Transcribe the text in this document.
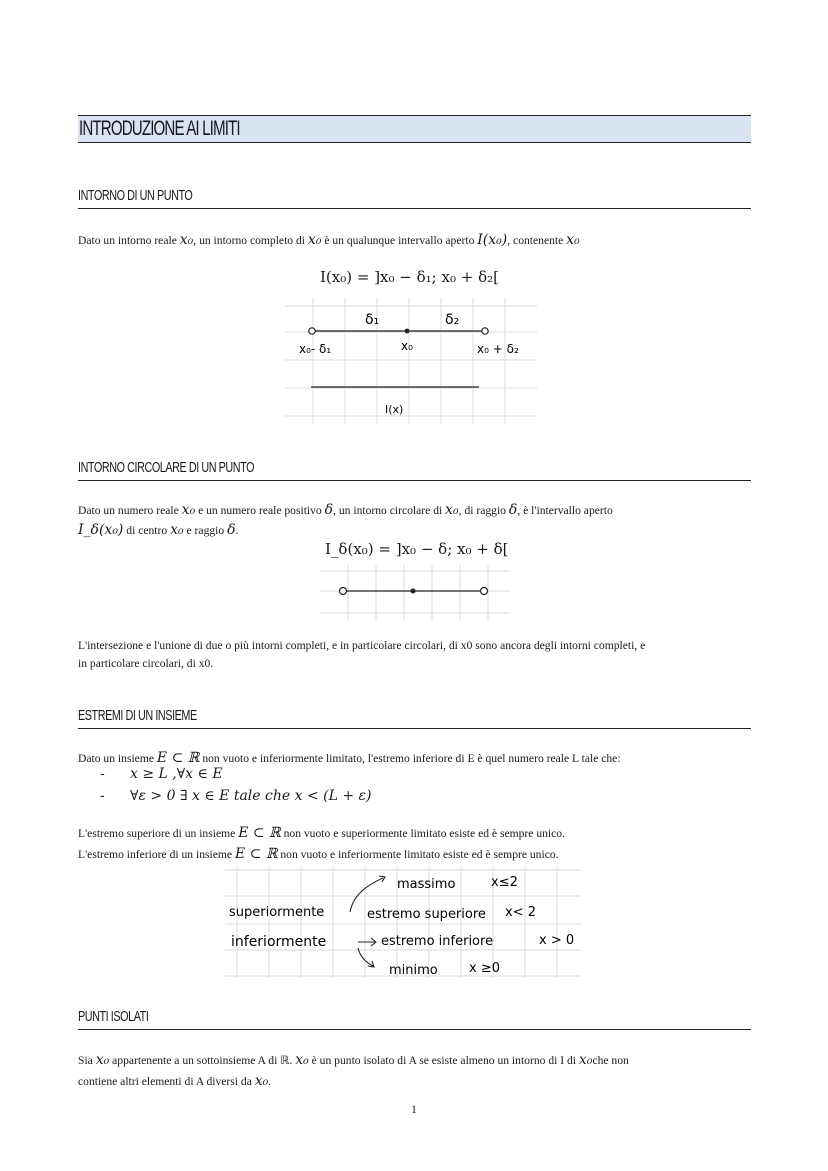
INTRODUZIONE AI LIMITI
INTORNO DI UN PUNTO
Dato un intorno reale x₀, un intorno completo di x₀ è un qualunque intervallo aperto I(x₀), contenente x₀
I(x₀) = ]x₀ − δ₁; x₀ + δ₂[
δ₁	δ₂
x₀- δ₁	x₀	x₀ + δ₂
I(x)
INTORNO CIRCOLARE DI UN PUNTO
Dato un numero reale x₀ e un numero reale positivo δ, un intorno circolare di x₀, di raggio δ, è l'intervallo aperto
I_δ(x₀) di centro x₀ e raggio δ.
I_δ(x₀) = ]x₀ − δ; x₀ + δ[
L'intersezione e l'unione di due o più intorni completi, e in particolare circolari, di x0 sono ancora degli intorni completi, e
in particolare circolari, di x0.
ESTREMI DI UN INSIEME
Dato un insieme E ⊂ ℝ non vuoto e inferiormente limitato, l'estremo inferiore di E è quel numero reale L tale che:
- x ≥ L ,∀x ∈ E
- ∀ε > 0 ∃ x ∈ E tale che x < (L + ε)
L'estremo superiore di un insieme E ⊂ ℝ non vuoto e superiormente limitato esiste ed è sempre unico.
L'estremo inferiore di un insieme E ⊂ ℝ non vuoto e inferiormente limitato esiste ed è sempre unico.
massimo	x≤2
superiormente	estremo superiore x< 2
inferiormente	estremo inferiore	x > 0
minimo x ≥0
PUNTI ISOLATI
Sia x₀ appartenente a un sottoinsieme A di ℝ. x₀ è un punto isolato di A se esiste almeno un intorno di I di x₀che non
contiene altri elementi di A diversi da x₀.
1
